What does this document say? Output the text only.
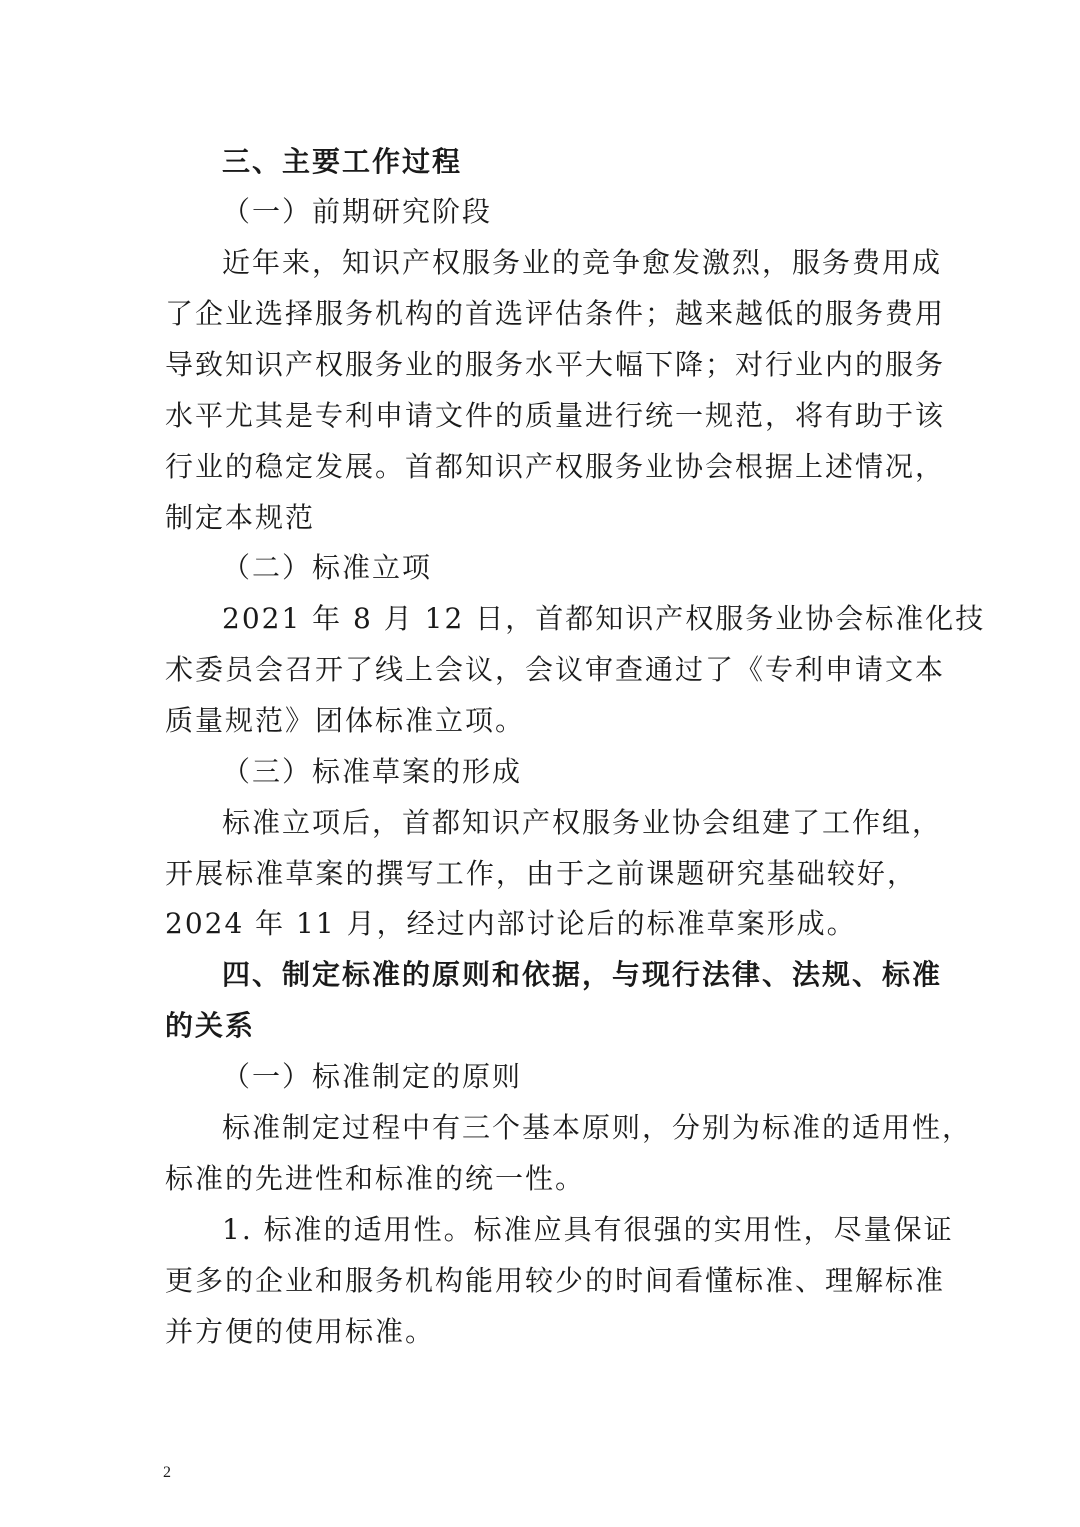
三、主要工作过程
（一）前期研究阶段
近年来，知识产权服务业的竞争愈发激烈，服务费用成
了企业选择服务机构的首选评估条件；越来越低的服务费用
导致知识产权服务业的服务水平大幅下降；对行业内的服务
水平尤其是专利申请文件的质量进行统一规范，将有助于该
行业的稳定发展。首都知识产权服务业协会根据上述情况，
制定本规范
（二）标准立项
2021 年 8 月 12 日，首都知识产权服务业协会标准化技
术委员会召开了线上会议，会议审查通过了《专利申请文本
质量规范》团体标准立项。
（三）标准草案的形成
标准立项后，首都知识产权服务业协会组建了工作组，
开展标准草案的撰写工作，由于之前课题研究基础较好，
2024 年 11 月，经过内部讨论后的标准草案形成。
四、制定标准的原则和依据，与现行法律、法规、标准
的关系
（一）标准制定的原则
标准制定过程中有三个基本原则，分别为标准的适用性，
标准的先进性和标准的统一性。
1. 标准的适用性。标准应具有很强的实用性，尽量保证
更多的企业和服务机构能用较少的时间看懂标准、理解标准
并方便的使用标准。
2
